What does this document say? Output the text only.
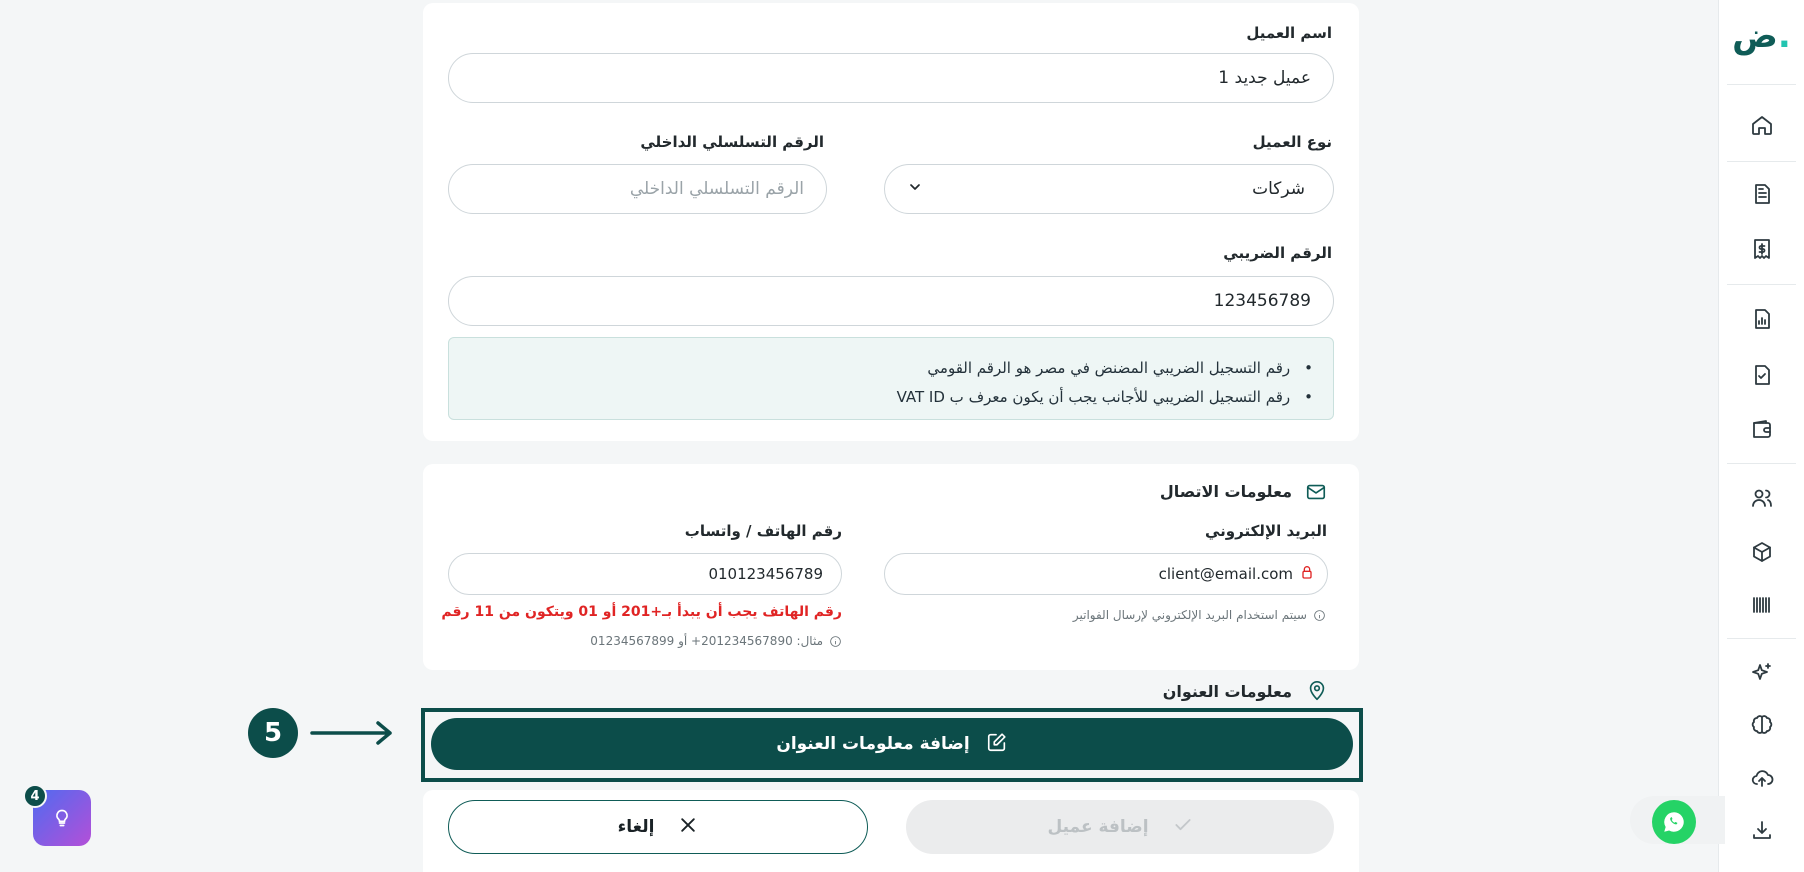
ض.
اسم العميل
عميل جديد 1
نوع العميل
شركات
الرقم التسلسلي الداخلي
الرقم التسلسلي الداخلي
الرقم الضريبي
123456789
• رقم التسجيل الضريبي المضنض في مصر هو الرقم القومي
• رقم التسجيل الضريبي للأجانب يجب أن يكون معرف ب VAT ID
معلومات الاتصال
البريد الإلكتروني
client@email.com
سيتم استخدام البريد الإلكتروني لإرسال الفواتير
رقم الهاتف / واتساب
010123456789
رقم الهاتف يجب أن يبدأ بـ+201 أو 01 ويتكون من 11 رقم
مثال: 201234567890+ أو 01234567899
معلومات العنوان
إضافة معلومات العنوان
5
إلغاء	إضافة عميل
4
